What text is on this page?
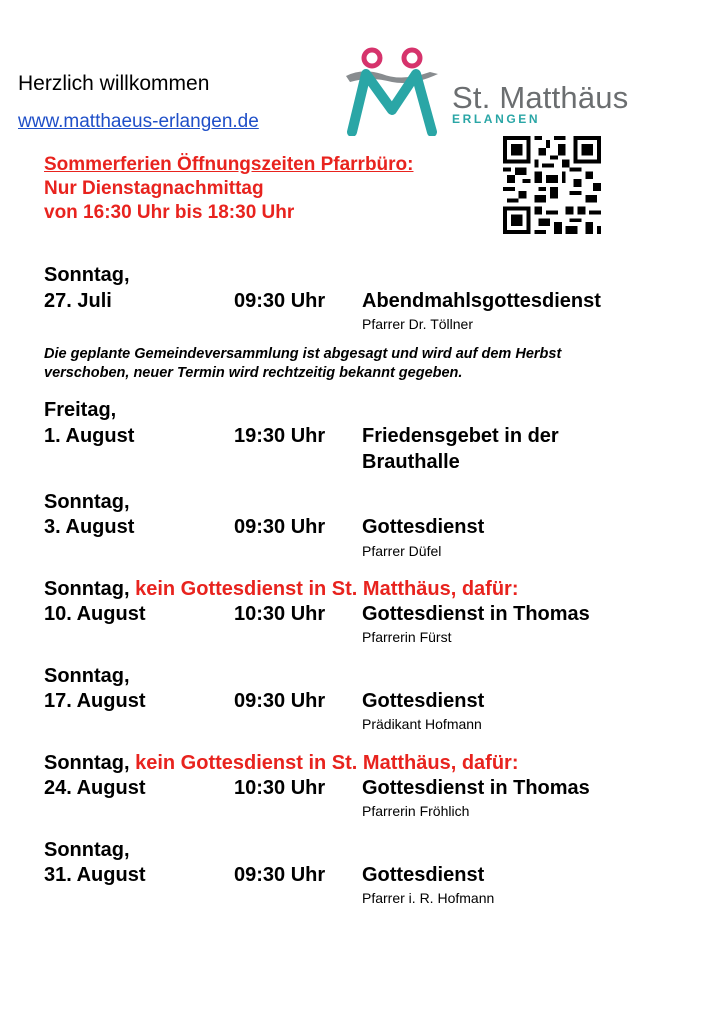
Herzlich willkommen
www.matthaeus-erlangen.de
St. Matthäus
ERLANGEN
Sommerferien Öffnungszeiten Pfarrbüro:
Nur Dienstagnachmittag
von 16:30 Uhr bis 18:30 Uhr
Sonntag,
27. Juli	09:30 Uhr Abendmahlsgottesdienst
Pfarrer Dr. Töllner
Die geplante Gemeindeversammlung ist abgesagt und wird auf dem Herbst
verschoben, neuer Termin wird rechtzeitig bekannt gegeben.
Freitag,
1. August	19:30 Uhr Friedensgebet in der
Brauthalle
Sonntag,
3. August	09:30 Uhr Gottesdienst
Pfarrer Düfel
Sonntag, kein Gottesdienst in St. Matthäus, dafür:
10. August	10:30 Uhr Gottesdienst in Thomas
Pfarrerin Fürst
Sonntag,
17. August	09:30 Uhr Gottesdienst
Prädikant Hofmann
Sonntag, kein Gottesdienst in St. Matthäus, dafür:
24. August	10:30 Uhr Gottesdienst in Thomas
Pfarrerin Fröhlich
Sonntag,
31. August	09:30 Uhr Gottesdienst
Pfarrer i. R. Hofmann
